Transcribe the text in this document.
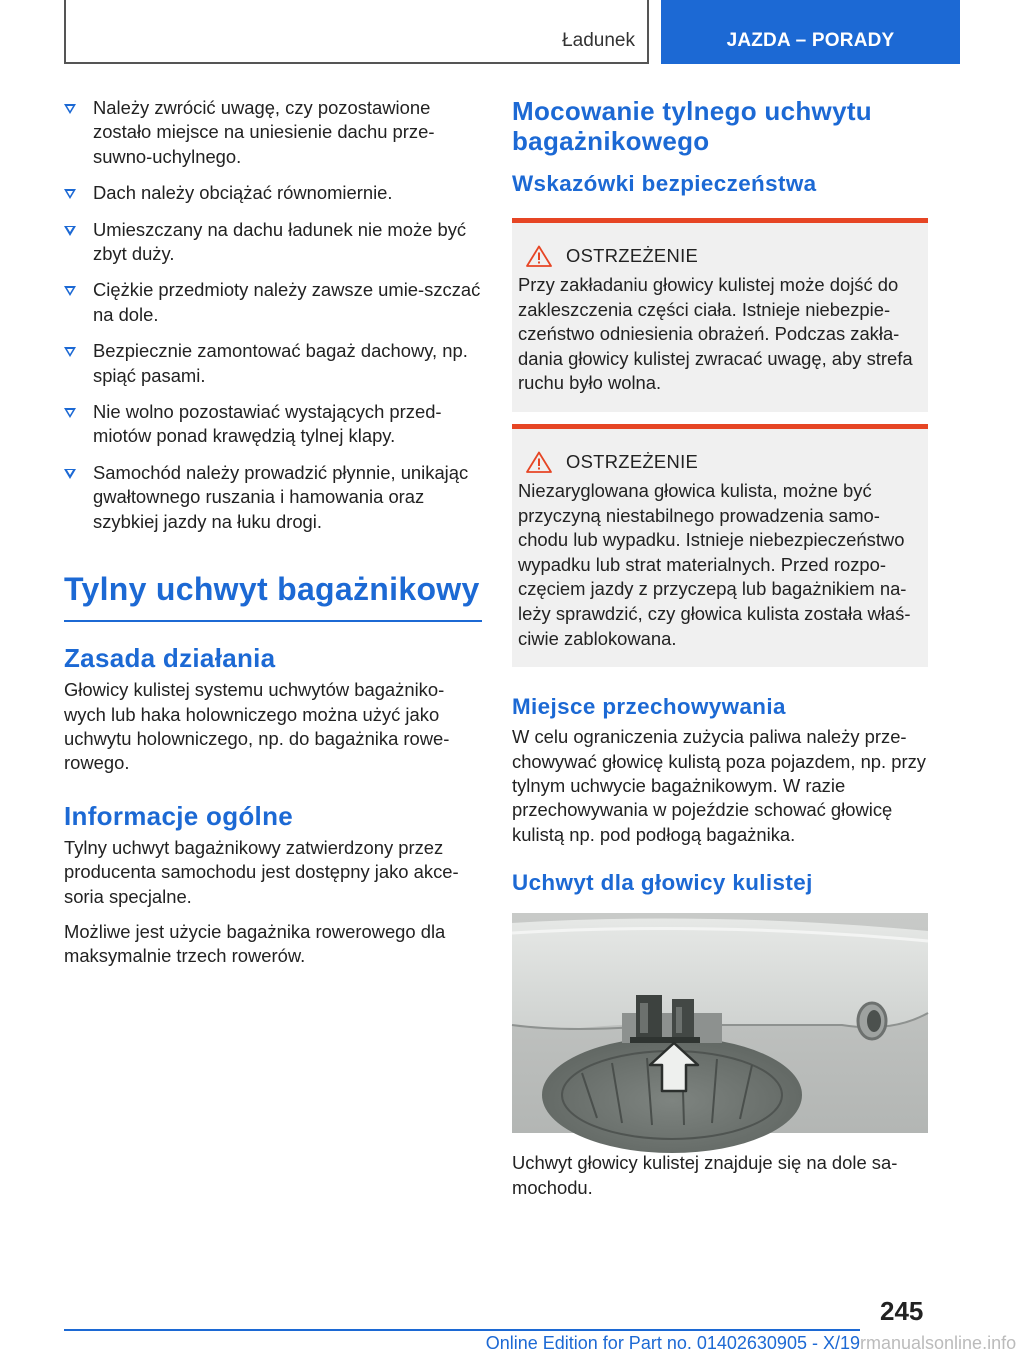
Ładunek	JAZDA – PORADY
Należy zwrócić uwagę, czy pozostawione zostało miejsce na uniesienie dachu prze‐suwno-uchylnego.
Dach należy obciążać równomiernie.
Umieszczany na dachu ładunek nie może być zbyt duży.
Ciężkie przedmioty należy zawsze umie‐szczać na dole.
Bezpiecznie zamontować bagaż dachowy, np. spiąć pasami.
Nie wolno pozostawiać wystających przed‐miotów ponad krawędzią tylnej klapy.
Samochód należy prowadzić płynnie, unikając gwałtownego ruszania i hamowania oraz szybkiej jazdy na łuku drogi.
Tylny uchwyt bagażnikowy
Zasada działania

Głowicy kulistej systemu uchwytów bagażniko‐wych lub haka holowniczego można użyć jako uchwytu holowniczego, np. do bagażnika rowe‐rowego.

Informacje ogólne

Tylny uchwyt bagażnikowy zatwierdzony przez producenta samochodu jest dostępny jako akce‐soria specjalne.

Możliwe jest użycie bagażnika rowerowego dla maksymalnie trzech rowerów.

Mocowanie tylnego uchwytu bagażnikowego
Wskazówki bezpieczeństwa
OSTRZEŻENIE

Przy zakładaniu głowicy kulistej może dojść do zakleszczenia części ciała. Istnieje niebezpie‐czeństwo odniesienia obrażeń. Podczas zakła‐dania głowicy kulistej zwracać uwagę, aby strefa ruchu było wolna.

OSTRZEŻENIE

Niezaryglowana głowica kulista, możne być przyczyną niestabilnego prowadzenia samo‐chodu lub wypadku. Istnieje niebezpieczeństwo wypadku lub strat materialnych. Przed rozpo‐częciem jazdy z przyczepą lub bagażnikiem na‐leży sprawdzić, czy głowica kulista została właś‐ciwie zablokowana.

Miejsce przechowywania

W celu ograniczenia zużycia paliwa należy prze‐chowywać głowicę kulistą poza pojazdem, np. przy tylnym uchwycie bagażnikowym. W razie przechowywania w pojeździe schować głowicę kulistą np. pod podłogą bagażnika.

Uchwyt dla głowicy kulistej

Uchwyt głowicy kulistej znajduje się na dole sa‐mochodu.

245
Online Edition for Part no. 01402630905 - X/19 rmanualsonline.info
